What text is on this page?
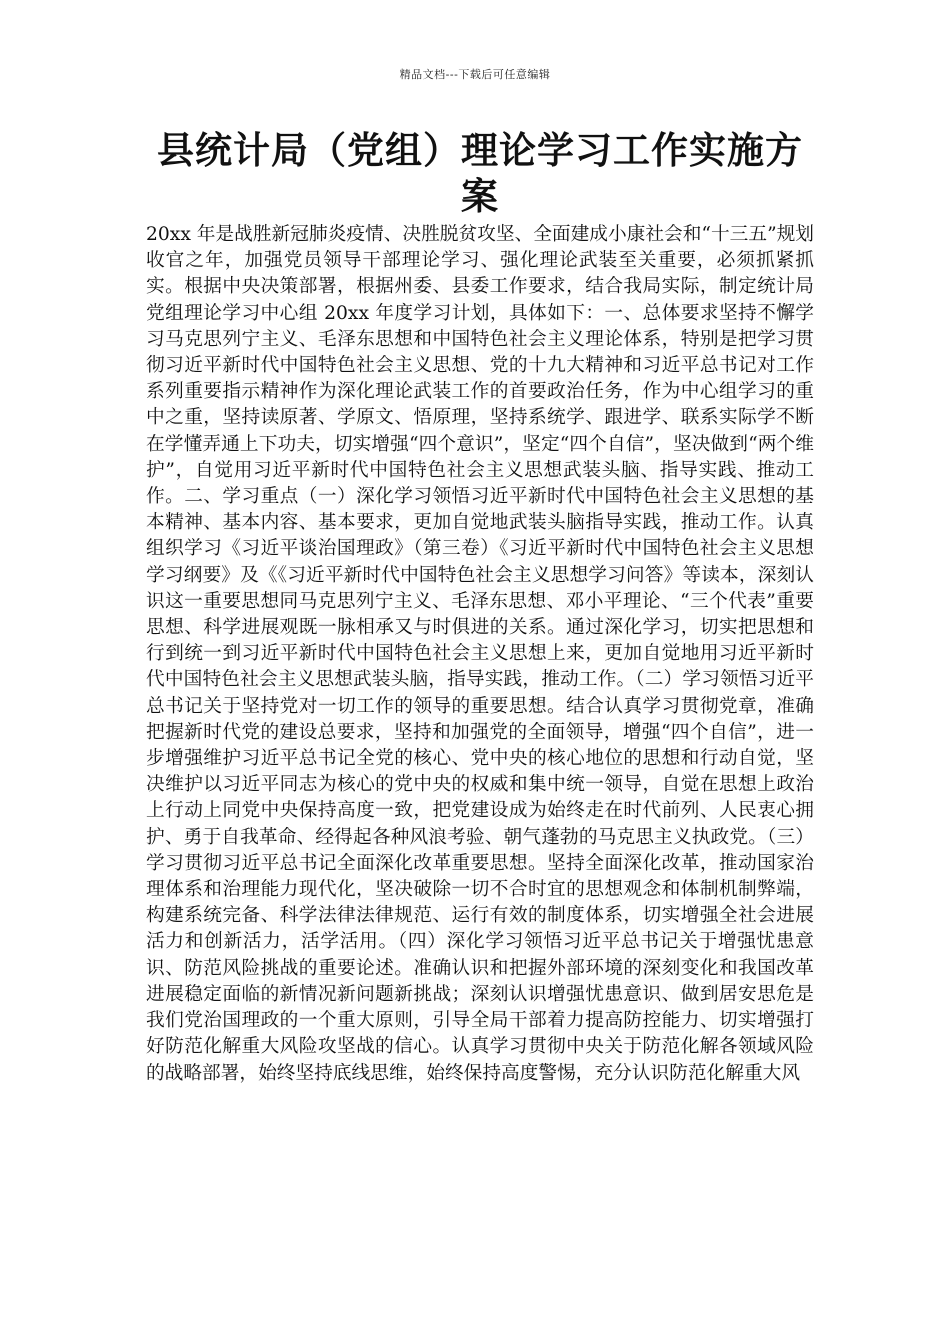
精品文档---下载后可任意编辑
县统计局（党组）理论学习工作实施方案

20xx 年是战胜新冠肺炎疫情、决胜脱贫攻坚、全面建成小康社会和“十三五”规划收官之年，加强党员领导干部理论学习、强化理论武装至关重要，必须抓紧抓实。根据中央决策部署，根据州委、县委工作要求，结合我局实际，制定统计局党组理论学习中心组 20xx 年度学习计划，具体如下：一、总体要求坚持不懈学习马克思列宁主义、毛泽东思想和中国特色社会主义理论体系，特别是把学习贯彻习近平新时代中国特色社会主义思想、党的十九大精神和习近平总书记对工作系列重要指示精神作为深化理论武装工作的首要政治任务，作为中心组学习的重中之重，坚持读原著、学原文、悟原理，坚持系统学、跟进学、联系实际学不断在学懂弄通上下功夫，切实增强“四个意识”，坚定“四个自信”，坚决做到“两个维护”，自觉用习近平新时代中国特色社会主义思想武装头脑、指导实践、推动工作。二、学习重点（一）深化学习领悟习近平新时代中国特色社会主义思想的基本精神、基本内容、基本要求，更加自觉地武装头脑指导实践，推动工作。认真组织学习《习近平谈治国理政》（第三卷）《习近平新时代中国特色社会主义思想学习纲要》及《《习近平新时代中国特色社会主义思想学习问答》等读本，深刻认识这一重要思想同马克思列宁主义、毛泽东思想、邓小平理论、“三个代表”重要思想、科学进展观既一脉相承又与时俱进的关系。通过深化学习，切实把思想和行到统一到习近平新时代中国特色社会主义思想上来，更加自觉地用习近平新时代中国特色社会主义思想武装头脑，指导实践，推动工作。（二）学习领悟习近平总书记关于坚持党对一切工作的领导的重要思想。结合认真学习贯彻党章，准确把握新时代党的建设总要求，坚持和加强党的全面领导，增强“四个自信”，进一步增强维护习近平总书记全党的核心、党中央的核心地位的思想和行动自觉，坚决维护以习近平同志为核心的党中央的权威和集中统一领导，自觉在思想上政治上行动上同党中央保持高度一致，把党建设成为始终走在时代前列、人民衷心拥护、勇于自我革命、经得起各种风浪考验、朝气蓬勃的马克思主义执政党。（三）学习贯彻习近平总书记全面深化改革重要思想。坚持全面深化改革，推动国家治理体系和治理能力现代化，坚决破除一切不合时宜的思想观念和体制机制弊端，构建系统完备、科学法律法律规范、运行有效的制度体系，切实增强全社会进展活力和创新活力，活学活用。（四）深化学习领悟习近平总书记关于增强忧患意识、防范风险挑战的重要论述。准确认识和把握外部环境的深刻变化和我国改革进展稳定面临的新情况新问题新挑战；深刻认识增强忧患意识、做到居安思危是我们党治国理政的一个重大原则，引导全局干部着力提高防控能力、切实增强打好防范化解重大风险攻坚战的信心。认真学习贯彻中央关于防范化解各领域风险的战略部署，始终坚持底线思维，始终保持高度警惕，充分认识防范化解重大风
